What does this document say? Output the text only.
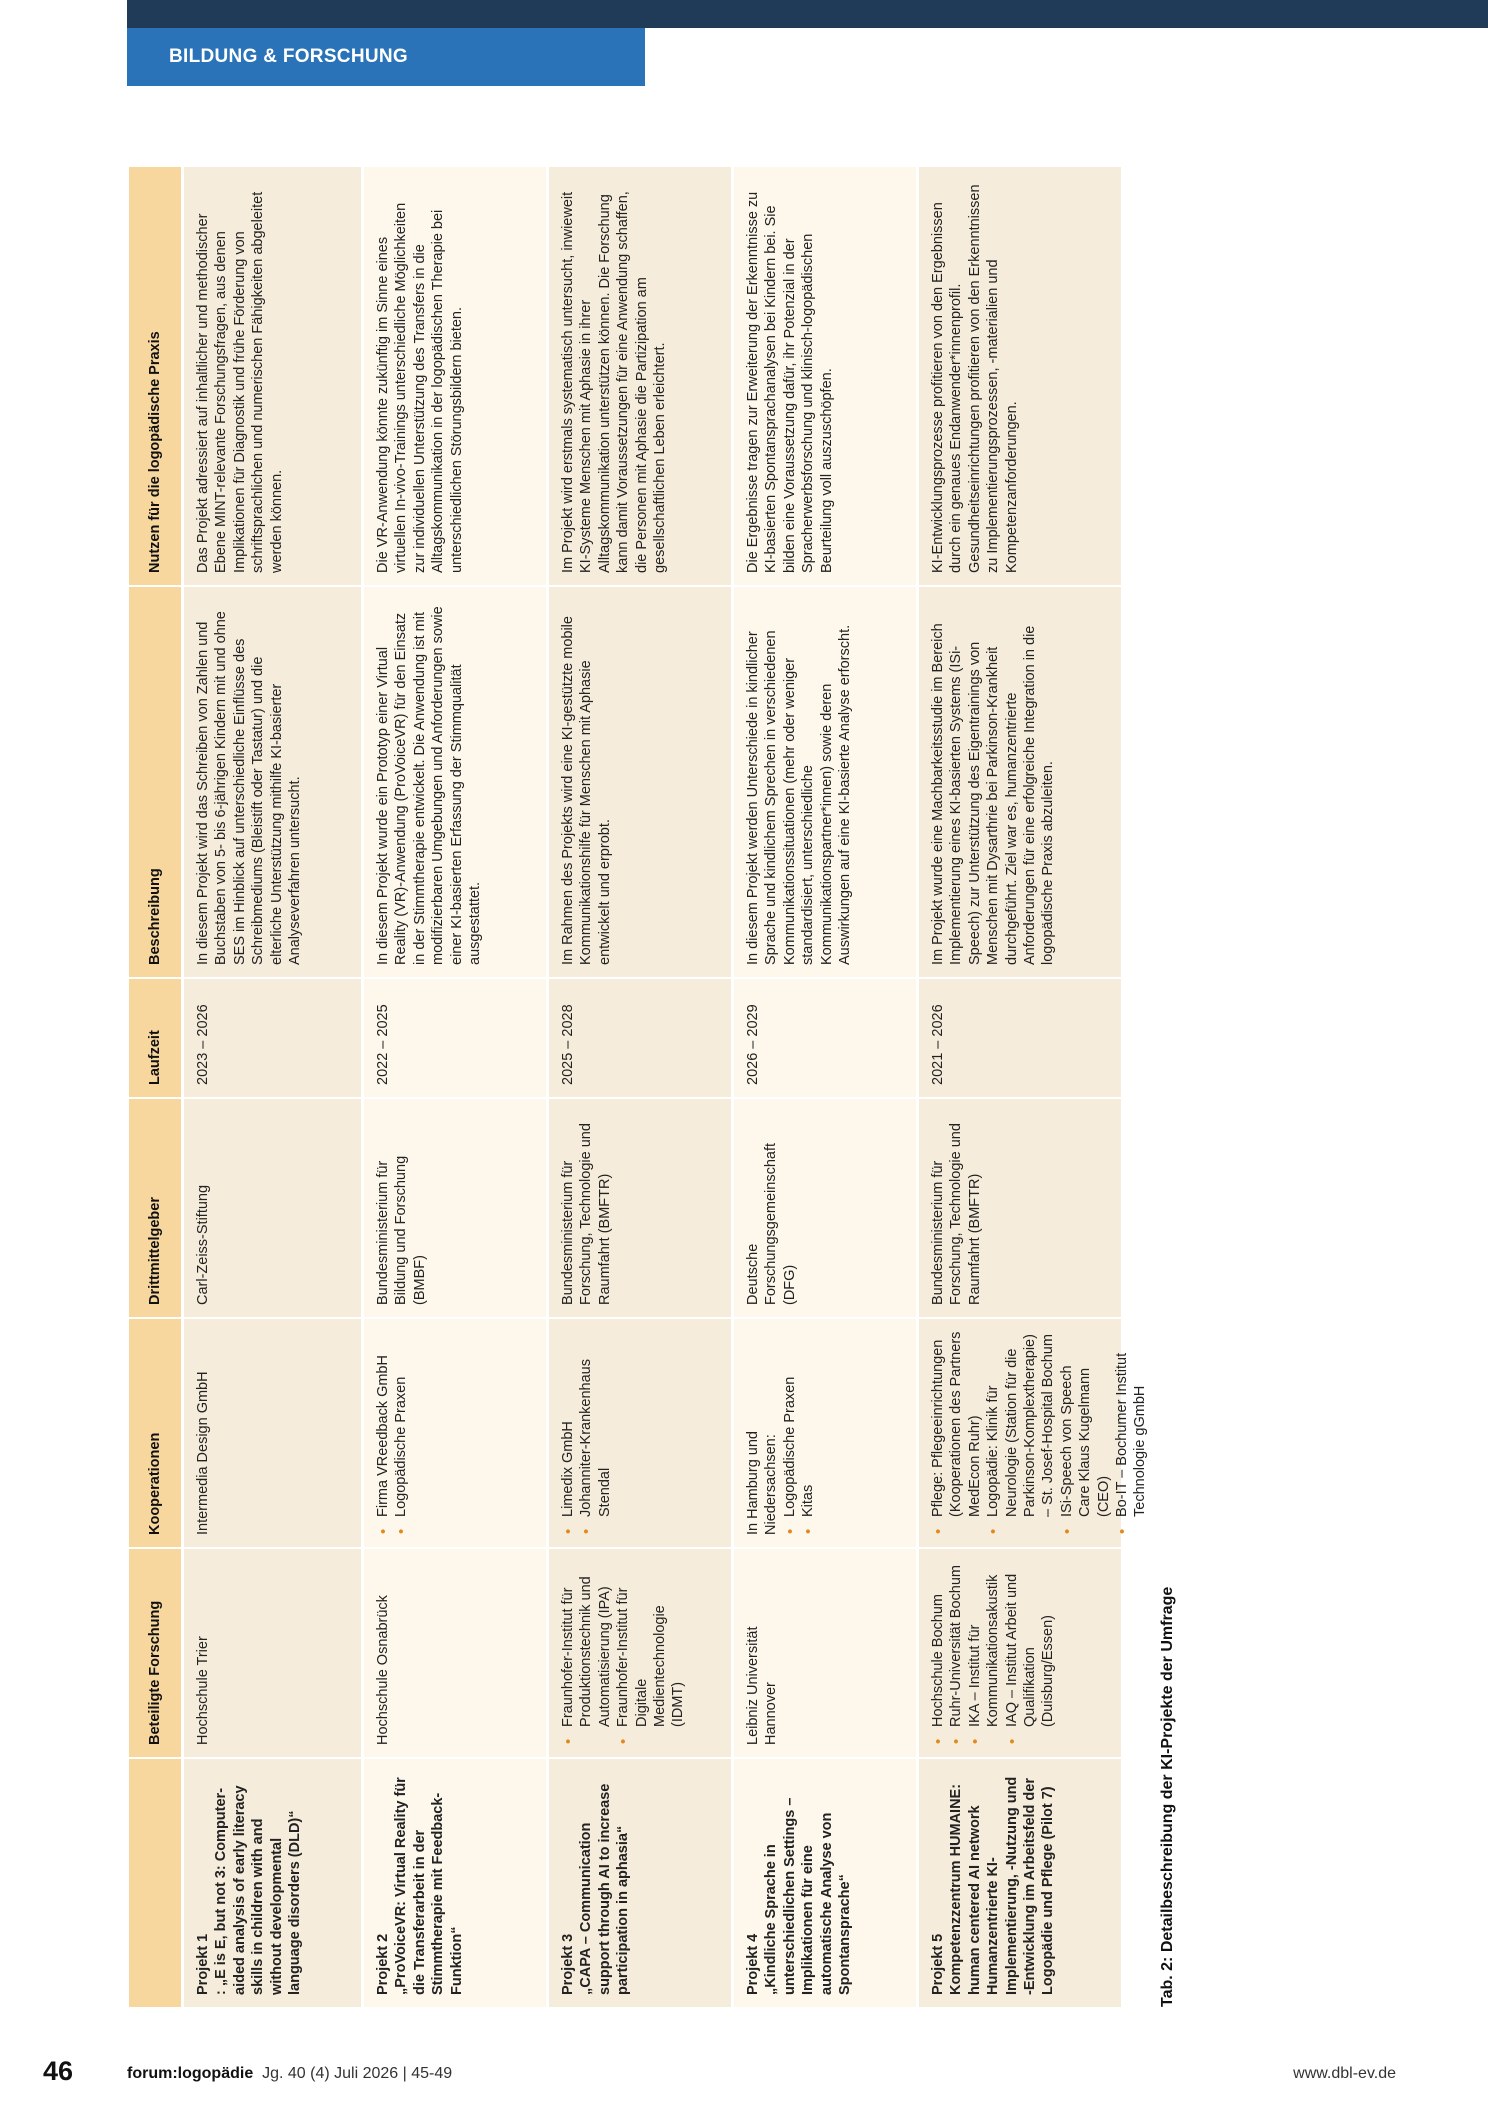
BILDUNG & FORSCHUNG
Beteiligte Forschung
Kooperationen
Drittmittelgeber
Laufzeit
Beschreibung
Nutzen für die logopädische Praxis
Projekt 1 : „E is E, but not 3: Computer-aided analysis of early literacy skills in children with and without developmental language disorders (DLD)“
Hochschule Trier
Intermedia Design GmbH
Carl-Zeiss-Stiftung
2023 – 2026
In diesem Projekt wird das Schreiben von Zahlen und Buchstaben von 5- bis 6-jährigen Kindern mit und ohne SES im Hinblick auf unterschiedliche Einflüsse des Schreibmediums (Bleistift oder Tastatur) und die elterliche Unterstützung mithilfe KI-basierter Analyseverfahren untersucht.
Das Projekt adressiert auf inhaltlicher und methodischer Ebene MINT-relevante Forschungsfragen, aus denen Implikationen für Diagnostik und frühe Förderung von schriftsprachlichen und numerischen Fähigkeiten abgeleitet werden können.
Projekt 2 „ProVoiceVR: Virtual Reality für die Transferarbeit in der Stimmtherapie mit Feedback-Funktion“
Hochschule Osnabrück
• Firma VReedback GmbH • Logopädische Praxen
Bundesministerium für Bildung und Forschung (BMBF)
2022 – 2025
In diesem Projekt wurde ein Prototyp einer Virtual Reality (VR)-Anwendung (ProVoiceVR) für den Einsatz in der Stimmtherapie entwickelt. Die Anwendung ist mit modifizierbaren Umgebungen und Anforderungen sowie einer KI-basierten Erfassung der Stimmqualität ausgestattet.
Die VR-Anwendung könnte zukünftig im Sinne eines virtuellen In-vivo-Trainings unterschiedliche Möglichkeiten zur individuellen Unterstützung des Transfers in die Alltagskommunikation in der logopädischen Therapie bei unterschiedlichen Störungsbildern bieten.
Projekt 3 „CAPA – Communication support through AI to increase participation in aphasia“
• Fraunhofer-Institut für Produktionstechnik und Automatisierung (IPA) • Fraunhofer-Institut für Digitale Medientechnologie (IDMT)
• Limedix GmbH • Johanniter-Krankenhaus Stendal
Bundesministerium für Forschung, Technologie und Raumfahrt (BMFTR)
2025 – 2028
Im Rahmen des Projekts wird eine KI-gestützte mobile Kommunikationshilfe für Menschen mit Aphasie entwickelt und erprobt.
Im Projekt wird erstmals systematisch untersucht, inwieweit KI-Systeme Menschen mit Aphasie in ihrer Alltagskommunikation unterstützen können. Die Forschung kann damit Voraussetzungen für eine Anwendung schaffen, die Personen mit Aphasie die Partizipation am gesellschaftlichen Leben erleichtert.
Projekt 4 „Kindliche Sprache in unterschiedlichen Settings – Implikationen für eine automatische Analyse von Spontansprache“
Leibniz Universität Hannover
In Hamburg und Niedersachsen: • Logopädische Praxen • Kitas
Deutsche Forschungsgemeinschaft (DFG)
2026 – 2029
In diesem Projekt werden Unterschiede in kindlicher Sprache und kindlichem Sprechen in verschiedenen Kommunikationssituationen (mehr oder weniger standardisiert, unterschiedliche Kommunikationspartner*innen) sowie deren Auswirkungen auf eine KI-basierte Analyse erforscht.
Die Ergebnisse tragen zur Erweiterung der Erkenntnisse zu KI-basierten Spontansprachanalysen bei Kindern bei. Sie bilden eine Voraussetzung dafür, ihr Potenzial in der Spracherwerbsforschung und klinisch-logopädischen Beurteilung voll auszuschöpfen.
Projekt 5 Kompetenzzentrum HUMAINE: human centered AI network Humanzentrierte KI-Implementierung, -Nutzung und -Entwicklung im Arbeitsfeld der Logopädie und Pflege (Pilot 7)
• Hochschule Bochum • Ruhr-Universität Bochum • IKA – Institut für Kommunikationsakustik • IAQ – Institut Arbeit und Qualifikation (Duisburg/Essen)
• Pflege: Pflegeeinrichtungen (Kooperationen des Partners MedEcon Ruhr) • Logopädie: Klinik für Neurologie (Station für die Parkinson-Komplextherapie) – St. Josef-Hospital Bochum • ISi-Speech von Speech Care Klaus Kugelmann (CEO) • Bo-IT – Bochumer Institut Technologie gGmbH
Bundesministerium für Forschung, Technologie und Raumfahrt (BMFTR)
2021 – 2026
Im Projekt wurde eine Machbarkeitsstudie im Bereich Implementierung eines KI-basierten Systems (ISi-Speech) zur Unterstützung des Eigentrainings von Menschen mit Dysarthrie bei Parkinson-Krankheit durchgeführt. Ziel war es, humanzentrierte Anforderungen für eine erfolgreiche Integration in die logopädische Praxis abzuleiten.
KI-Entwicklungsprozesse profitieren von den Ergebnissen durch ein genaues Endanwender*innenprofil. Gesundheitseinrichtungen profitieren von den Erkenntnissen zu Implementierungsprozessen, -materialien und Kompetenzanforderungen.
Tab. 2: Detailbeschreibung der KI-Projekte der Umfrage
46	forum:logopädie Jg. 40 (4) Juli 2026 | 45-49	www.dbl-ev.de
